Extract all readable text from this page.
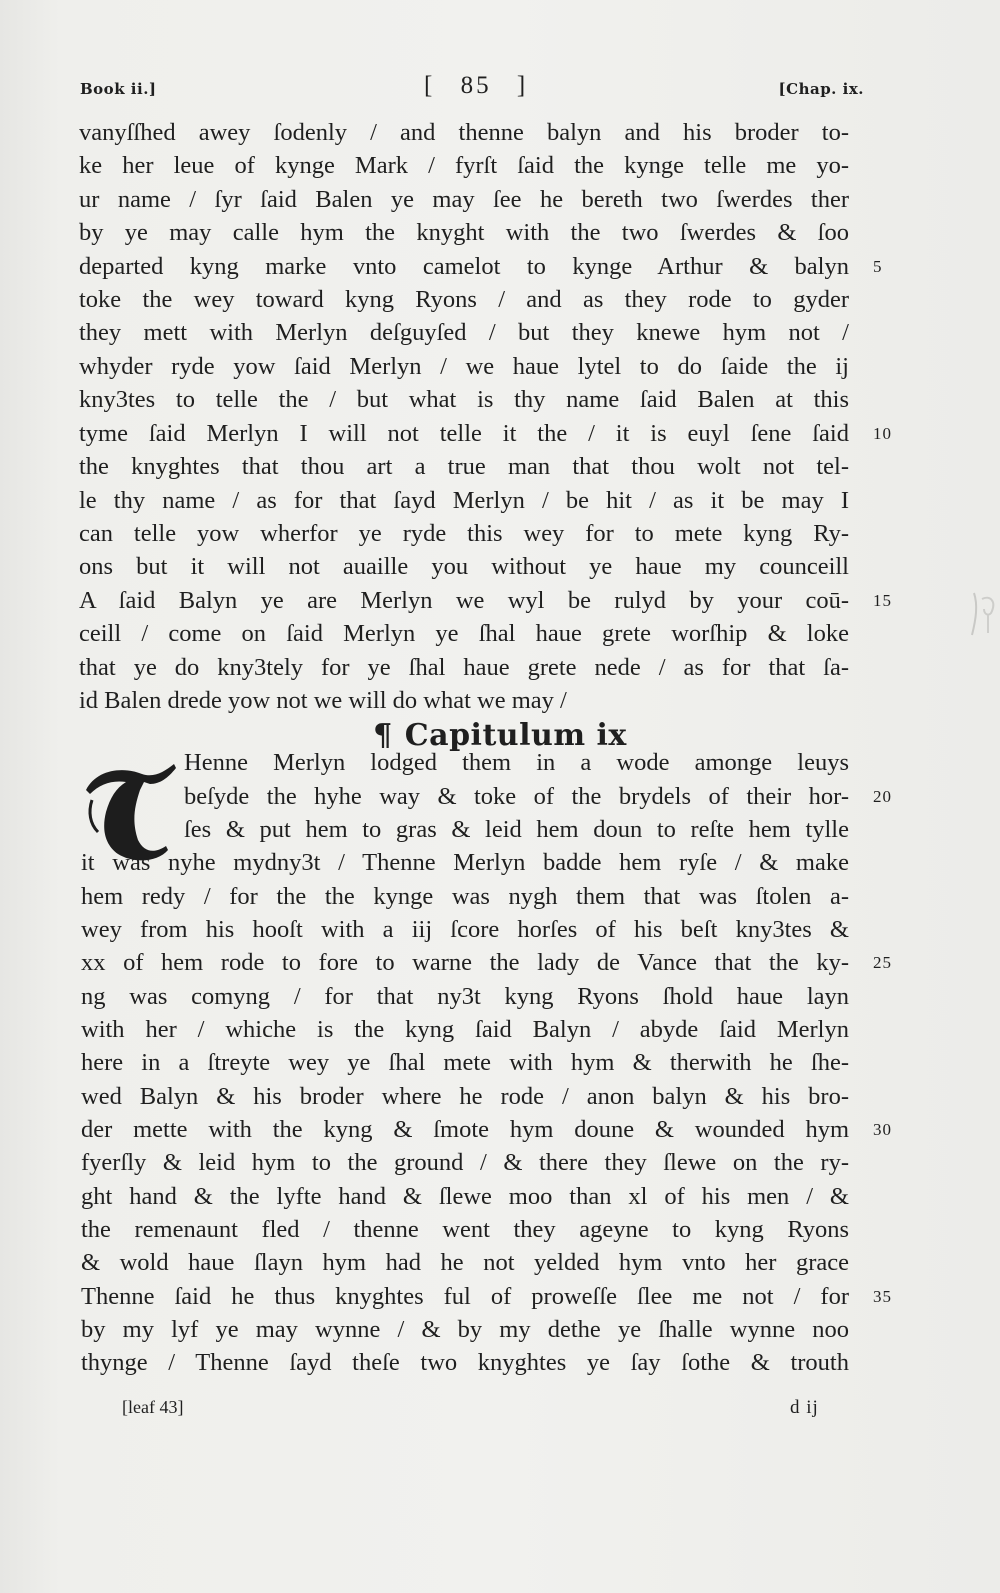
Book ii.]	[ 85 ]	[Chap. ix.
vanyſſhed awey ſodenly / and thenne balyn and his broder to-
ke her leue of kynge Mark / fyrſt ſaid the kynge telle me yo-
ur name / ſyr ſaid Balen ye may ſee he bereth two ſwerdes ther
by ye may calle hym the knyght with the two ſwerdes & ſoo
departed kyng marke vnto camelot to kynge Arthur & balyn
toke the wey toward kyng Ryons / and as they rode to gyder
they mett with Merlyn deſguyſed / but they knewe hym not /
whyder ryde yow ſaid Merlyn / we haue lytel to do ſaide the ij
kny3tes to telle the / but what is thy name ſaid Balen at this
tyme ſaid Merlyn I will not telle it the / it is euyl ſene ſaid
the knyghtes that thou art a true man that thou wolt not tel-
le thy name / as for that ſayd Merlyn / be hit / as it be may I
can telle yow wherfor ye ryde this wey for to mete kyng Ry-
ons but it will not auaille you without ye haue my counceill
A ſaid Balyn ye are Merlyn we wyl be rulyd by your coū-
ceill / come on ſaid Merlyn ye ſhal haue grete worſhip & loke
that ye do kny3tely for ye ſhal haue grete nede / as for that ſa-
id Balen drede yow not we will do what we may /
5
10
15
¶ Capitulum ix
Henne Merlyn lodged them in a wode amonge leuys
beſyde the hyhe way & toke of the brydels of their hor-
ſes & put hem to gras & leid hem doun to reſte hem tylle
it was nyhe mydny3t / Thenne Merlyn badde hem ryſe / & make
hem redy / for the the kynge was nygh them that was ſtolen a-
wey from his hooſt with a iij ſcore horſes of his beſt kny3tes &
xx of hem rode to fore to warne the lady de Vance that the ky-
ng was comyng / for that ny3t kyng Ryons ſhold haue layn
with her / whiche is the kyng ſaid Balyn / abyde ſaid Merlyn
here in a ſtreyte wey ye ſhal mete with hym & therwith he ſhe-
wed Balyn & his broder where he rode / anon balyn & his bro-
der mette with the kyng & ſmote hym doune & wounded hym
fyerſly & leid hym to the ground / & there they ſlewe on the ry-
ght hand & the lyfte hand & ſlewe moo than xl of his men / &
the remenaunt fled / thenne went they ageyne to kyng Ryons
& wold haue ſlayn hym had he not yelded hym vnto her grace
Thenne ſaid he thus knyghtes ful of proweſſe ſlee me not / for
by my lyf ye may wynne / & by my dethe ye ſhalle wynne noo
thynge / Thenne ſayd theſe two knyghtes ye ſay ſothe & trouth
20
25
30
35
[leaf 43]	d ij
